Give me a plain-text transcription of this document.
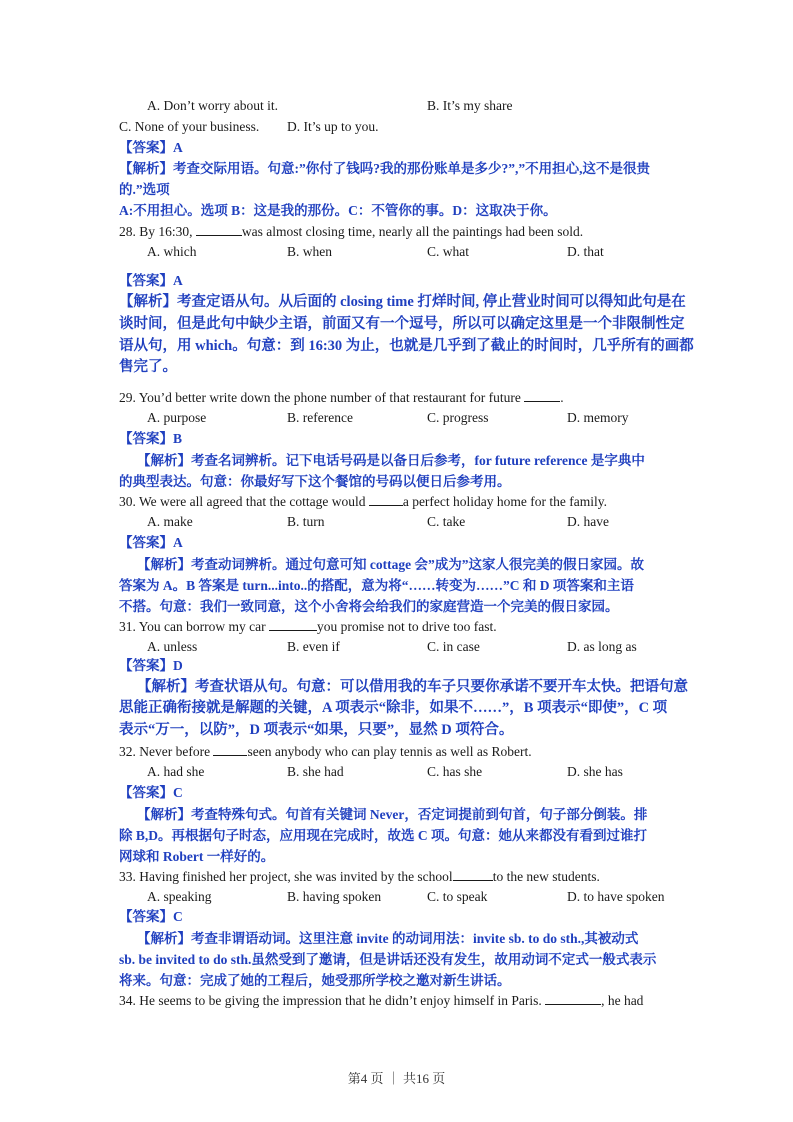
A. Don’t worry about it.	B. It’s my share
C. None of your business. D. It’s up to you.
【答案】A
【解析】考查交际用语。句意:”你付了钱吗?我的那份账单是多少?”,”不用担心,这不是很贵
的.”选项
A:不用担心。选项 B：这是我的那份。C：不管你的事。D：这取决于你。
28. By 16:30,	was almost closing time, nearly all the paintings had been sold.
A. which	B. when	C. what	D. that
【答案】A
【解析】考查定语从句。从后面的 closing time 打烊时间, 停止营业时间可以得知此句是在
谈时间，但是此句中缺少主语，前面又有一个逗号，所以可以确定这里是一个非限制性定
语从句，用 which。句意：到 16:30 为止，也就是几乎到了截止的时间时，几乎所有的画都
售完了。
29. You’d better write down the phone number of that restaurant for future	.
A. purpose	B. reference	C. progress	D. memory
【答案】B
【解析】考查名词辨析。记下电话号码是以备日后参考，for future reference 是字典中
的典型表达。句意：你最好写下这个餐馆的号码以便日后参考用。
30. We were all agreed that the cottage would	a perfect holiday home for the family.
A. make	B. turn	C. take	D. have
【答案】A
【解析】考查动词辨析。通过句意可知 cottage 会”成为”这家人很完美的假日家园。故
答案为 A。B 答案是 turn...into..的搭配，意为将“……转变为……”C 和 D 项答案和主语
不搭。句意：我们一致同意，这个小舍将会给我们的家庭营造一个完美的假日家园。
31. You can borrow my car	you promise not to drive too fast.
A. unless	B. even if	C. in case	D. as long as
【答案】D
【解析】考查状语从句。句意：可以借用我的车子只要你承诺不要开车太快。把语句意
思能正确衔接就是解题的关键，A 项表示“除非，如果不……”，B 项表示“即使”，C 项
表示“万一，以防”，D 项表示“如果，只要”，显然 D 项符合。
32. Never before	seen anybody who can play tennis as well as Robert.
A. had she	B. she had	C. has she	D. she has
【答案】C
【解析】考查特殊句式。句首有关键词 Never，否定词提前到句首，句子部分倒装。排
除 B,D。再根据句子时态，应用现在完成时，故选 C 项。句意：她从来都没有看到过谁打
网球和 Robert 一样好的。
33. Having finished her project, she was invited by the school	to the new students.
A. speaking	B. having spoken	C. to speak	D. to have spoken
【答案】C
【解析】考查非谓语动词。这里注意 invite 的动词用法：invite sb. to do sth.,其被动式
sb. be invited to do sth.虽然受到了邀请，但是讲话还没有发生，故用动词不定式一般式表示
将来。句意：完成了她的工程后，她受那所学校之邀对新生讲话。
34. He seems to be giving the impression that he didn’t enjoy himself in Paris.	, he had
第4 页 ｜ 共16 页
